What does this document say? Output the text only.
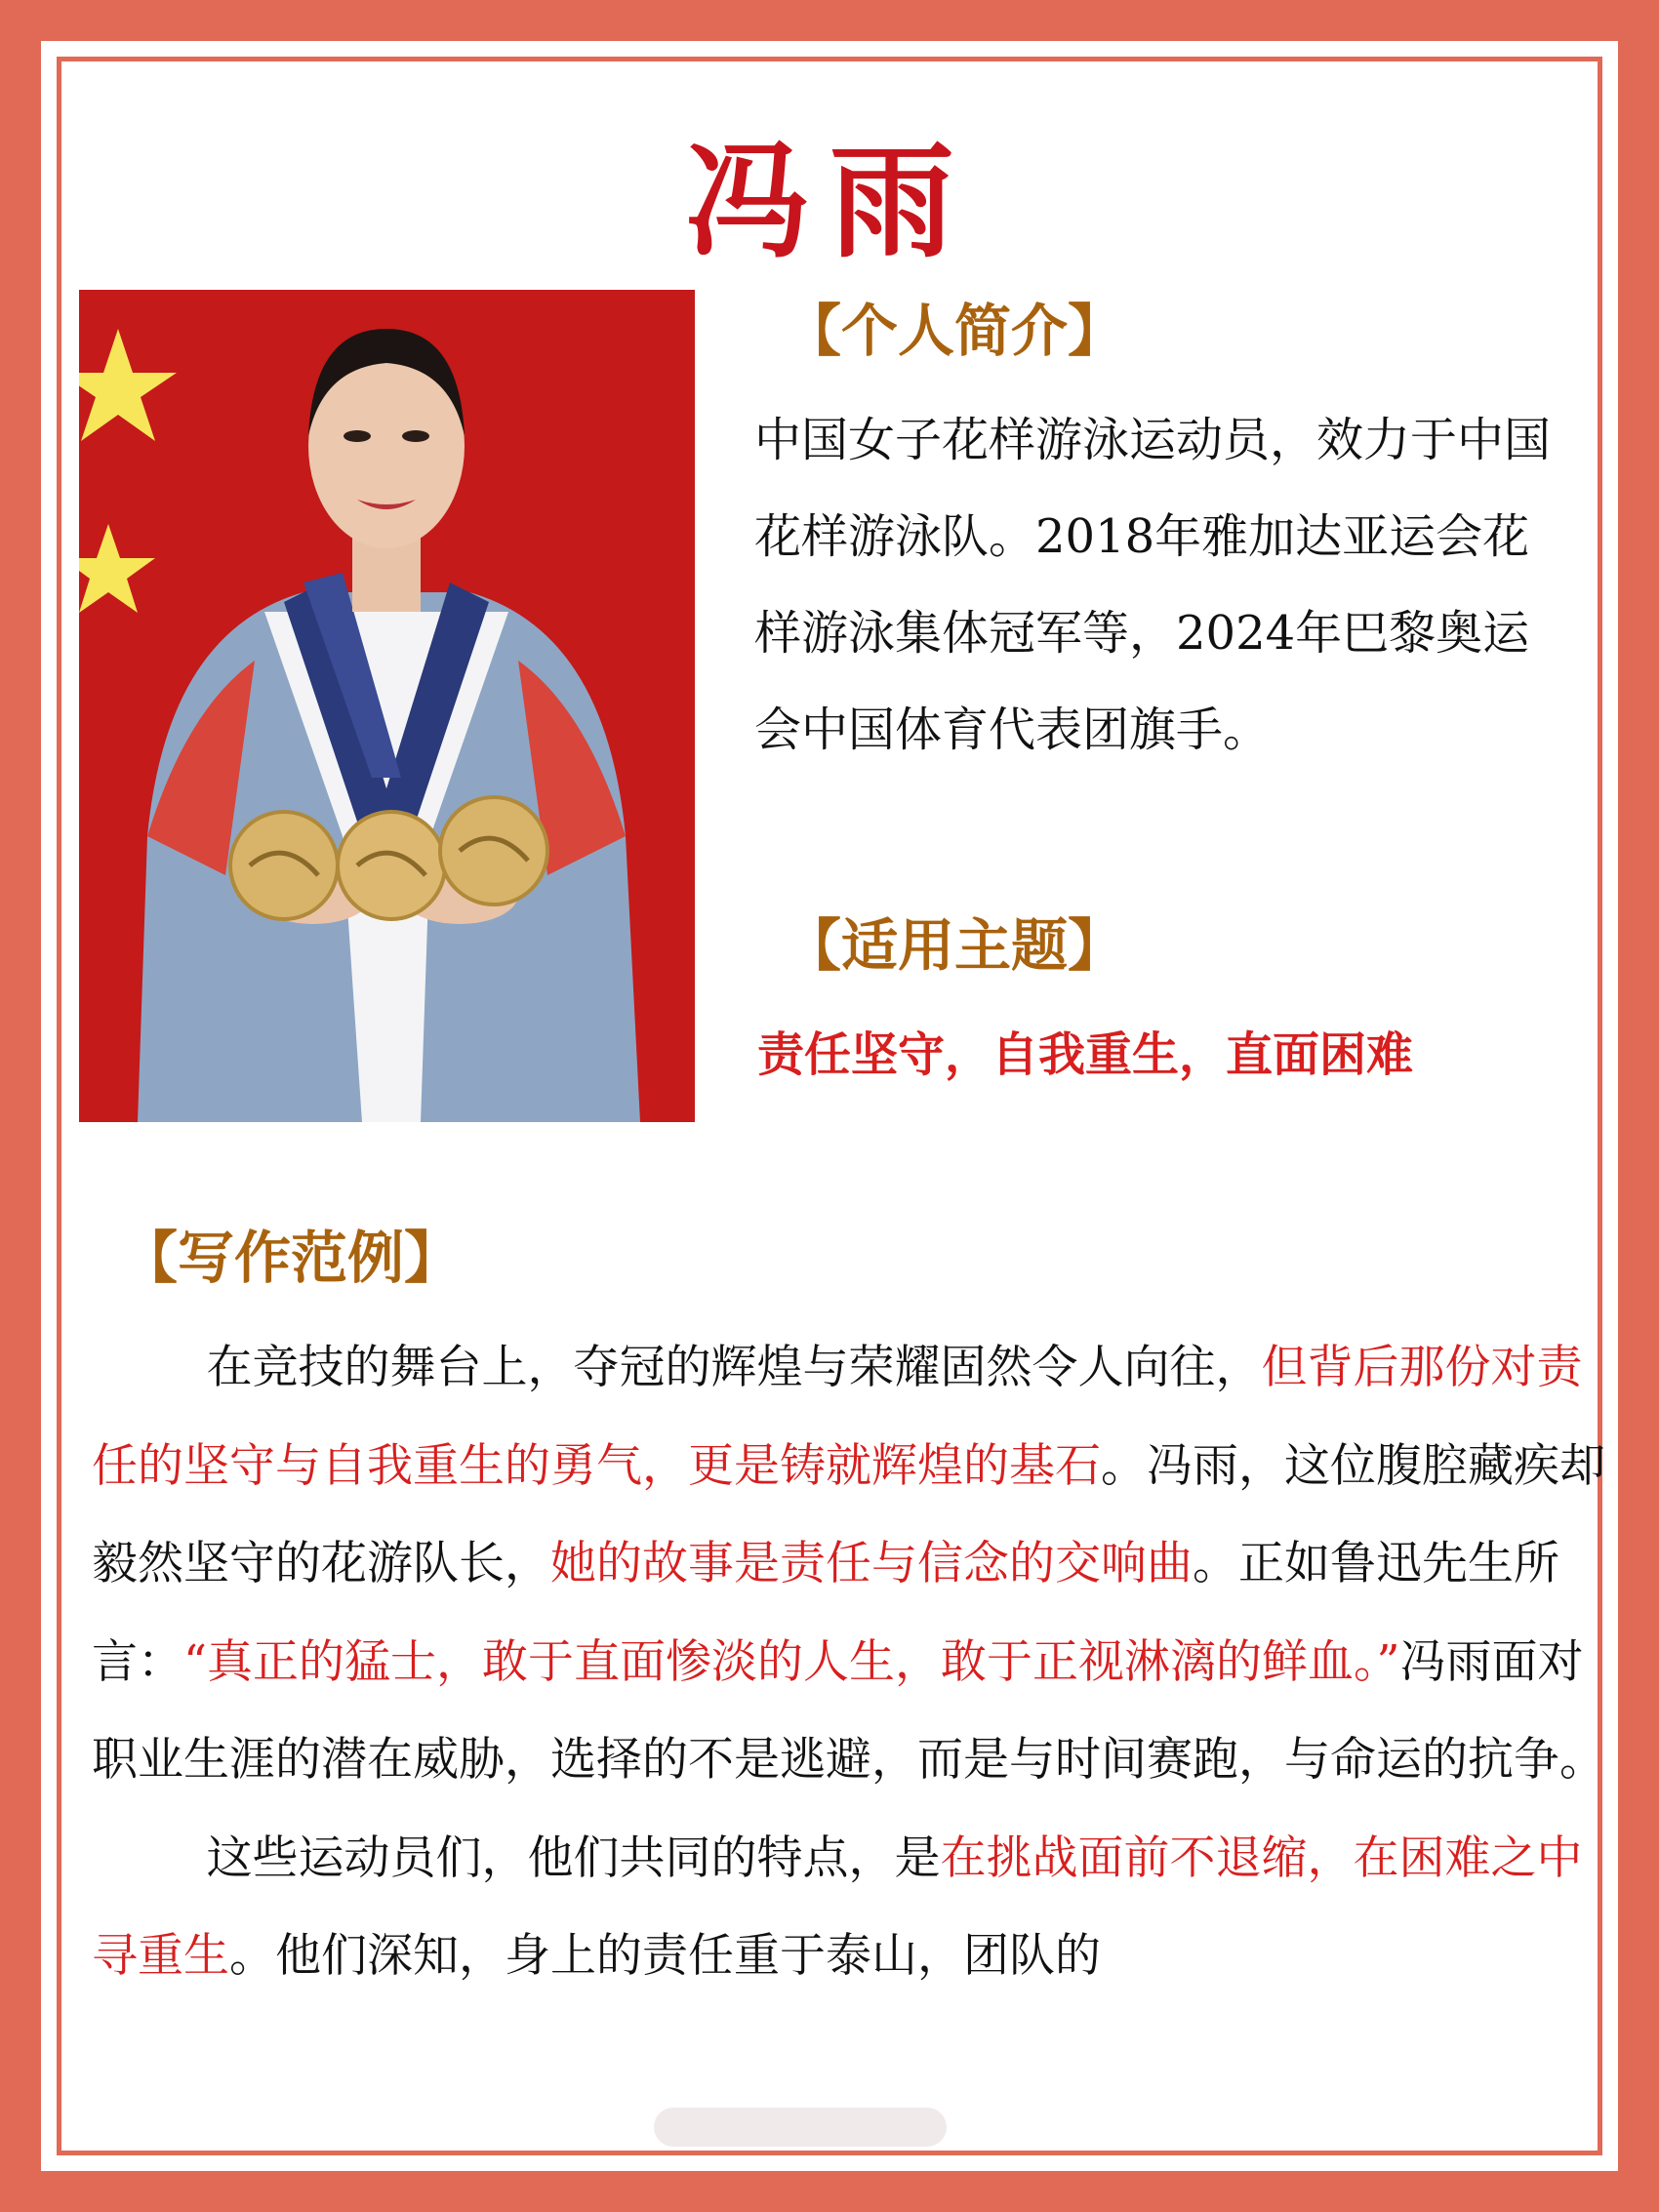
冯雨
【个人简介】
中国女子花样游泳运动员，效力于中国花样游泳队。2018年雅加达亚运会花样游泳集体冠军等，2024年巴黎奥运会中国体育代表团旗手。
【适用主题】
责任坚守，自我重生，直面困难
【写作范例】

在竞技的舞台上，夺冠的辉煌与荣耀固然令人向往，但背后那份对责任的坚守与自我重生的勇气，更是铸就辉煌的基石。冯雨，这位腹腔藏疾却毅然坚守的花游队长，她的故事是责任与信念的交响曲。正如鲁迅先生所言：“真正的猛士，敢于直面惨淡的人生，敢于正视淋漓的鲜血。”冯雨面对职业生涯的潜在威胁，选择的不是逃避，而是与时间赛跑，与命运的抗争。

这些运动员们，他们共同的特点，是在挑战面前不退缩，在困难之中寻重生。他们深知，身上的责任重于泰山，团队的
